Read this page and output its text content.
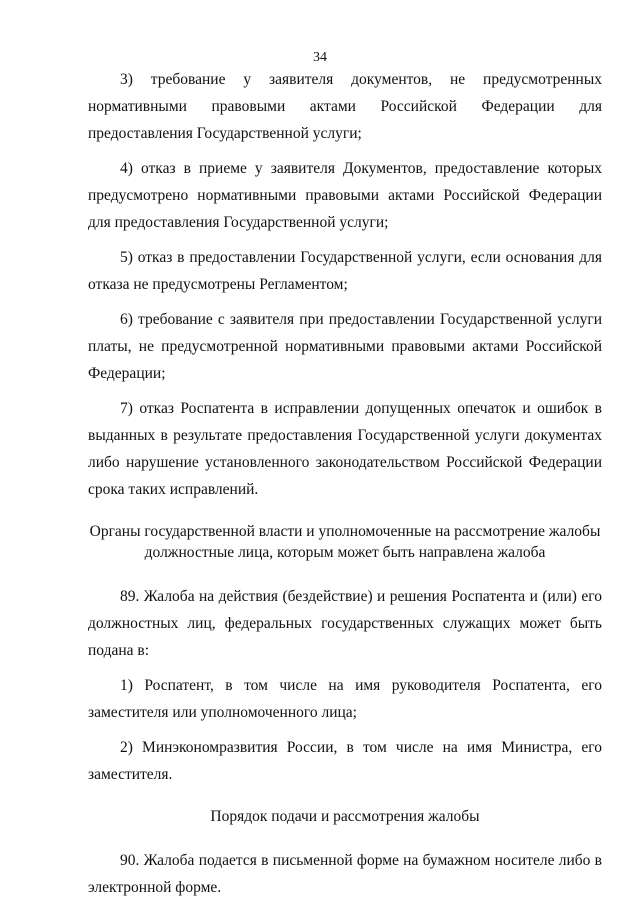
34

3) требование у заявителя документов, не предусмотренных нормативными правовыми актами Российской Федерации для предоставления Государственной услуги;

4) отказ в приеме у заявителя Документов, предоставление которых предусмотрено нормативными правовыми актами Российской Федерации для предоставления Государственной услуги;

5) отказ в предоставлении Государственной услуги, если основания для отказа не предусмотрены Регламентом;

6) требование с заявителя при предоставлении Государственной услуги платы, не предусмотренной нормативными правовыми актами Российской Федерации;

7) отказ Роспатента в исправлении допущенных опечаток и ошибок в выданных в результате предоставления Государственной услуги документах либо нарушение установленного законодательством Российской Федерации срока таких исправлений.

Органы государственной власти и уполномоченные на рассмотрение жалобы
должностные лица, которым может быть направлена жалоба

89. Жалоба на действия (бездействие) и решения Роспатента и (или) его должностных лиц, федеральных государственных служащих может быть подана в:

1) Роспатент, в том числе на имя руководителя Роспатента, его заместителя или уполномоченного лица;

2) Минэкономразвития России, в том числе на имя Министра, его заместителя.

Порядок подачи и рассмотрения жалобы

90. Жалоба подается в письменной форме на бумажном носителе либо в электронной форме.
